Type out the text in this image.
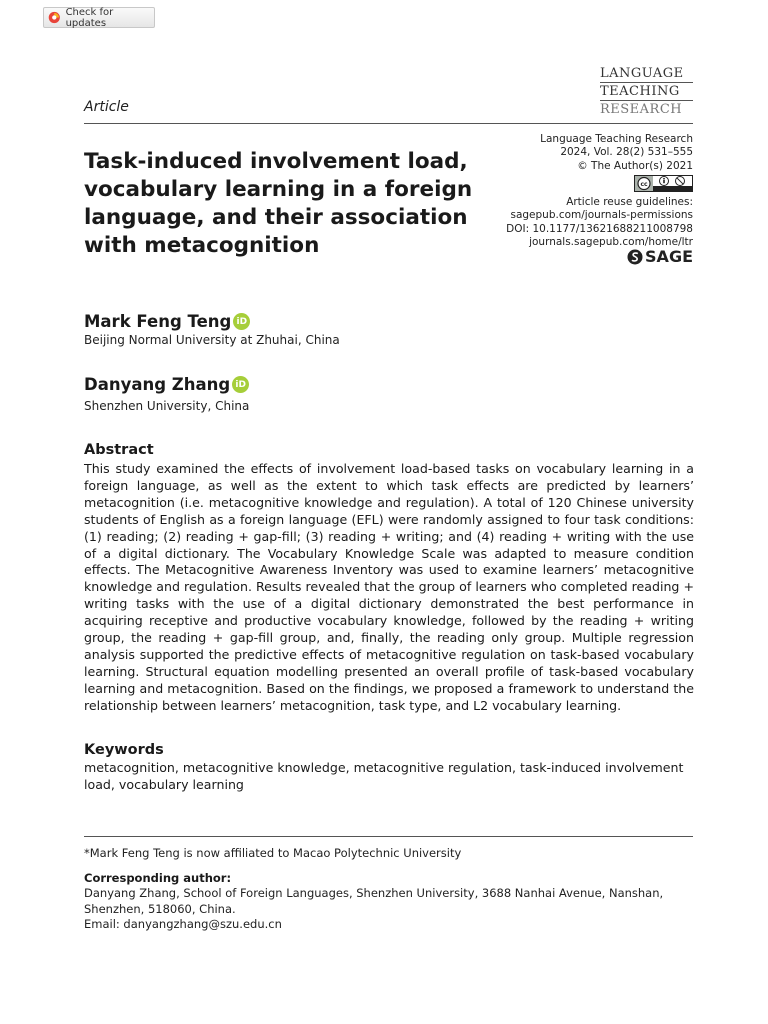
Check for updates
LANGUAGE
TEACHING
RESEARCH
Article
Task-induced involvement load, vocabulary learning in a foreign language, and their association with metacognition
Language Teaching Research
2024, Vol. 28(2) 531–555
© The Author(s) 2021
cc
Article reuse guidelines:
sagepub.com/journals-permissions
DOI: 10.1177/13621688211008798
journals.sagepub.com/home/ltr
SAGE
Mark Feng Teng iD
Beijing Normal University at Zhuhai, China
Danyang Zhang iD
Shenzhen University, China
Abstract

This study examined the effects of involvement load-based tasks on vocabulary learning in a foreign language, as well as the extent to which task effects are predicted by learners’ metacognition (i.e. metacognitive knowledge and regulation). A total of 120 Chinese university students of English as a foreign language (EFL) were randomly assigned to four task conditions: (1) reading; (2) reading + gap-fill; (3) reading + writing; and (4) reading + writing with the use of a digital dictionary. The Vocabulary Knowledge Scale was adapted to measure condition effects. The Metacognitive Awareness Inventory was used to examine learners’ metacognitive knowledge and regulation. Results revealed that the group of learners who completed reading + writing tasks with the use of a digital dictionary demonstrated the best performance in acquiring receptive and productive vocabulary knowledge, followed by the reading + writing group, the reading + gap-fill group, and, finally, the reading only group. Multiple regression analysis supported the predictive effects of metacognitive regulation on task-based vocabulary learning. Structural equation modelling presented an overall profile of task-based vocabulary learning and metacognition. Based on the findings, we proposed a framework to understand the relationship between learners’ metacognition, task type, and L2 vocabulary learning.

Keywords

metacognition, metacognitive knowledge, metacognitive regulation, task-induced involvement load, vocabulary learning

*Mark Feng Teng is now affiliated to Macao Polytechnic University
Corresponding author:
Danyang Zhang, School of Foreign Languages, Shenzhen University, 3688 Nanhai Avenue, Nanshan,
Shenzhen, 518060, China.
Email: danyangzhang@szu.edu.cn
